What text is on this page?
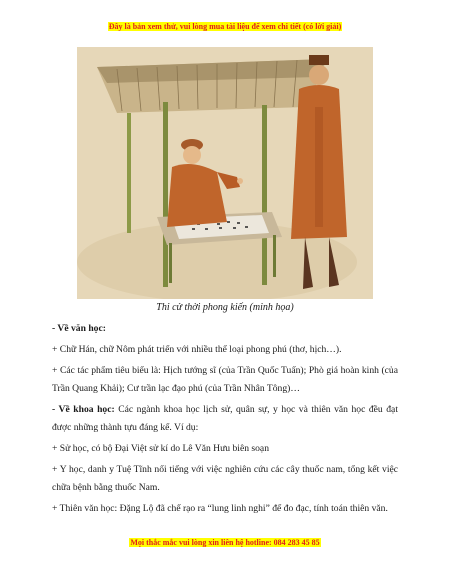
Đây là bản xem thử, vui lòng mua tài liệu để xem chi tiết (có lời giải)
Thi cử thời phong kiến (minh họa)

- Về văn học:

+ Chữ Hán, chữ Nôm phát triển với nhiều thể loại phong phú (thơ, hịch…).

+ Các tác phẩm tiêu biểu là: Hịch tướng sĩ (của Trần Quốc Tuấn); Phò giá hoàn kinh (của Trần Quang Khải); Cư trần lạc đạo phú (của Trần Nhân Tông)…

- Về khoa học: Các ngành khoa học lịch sử, quân sự, y học và thiên văn học đều đạt được những thành tựu đáng kể. Ví dụ:

+ Sử học, có bộ Đại Việt sử kí do Lê Văn Hưu biên soạn

+ Y học, danh y Tuệ Tĩnh nổi tiếng với việc nghiên cứu các cây thuốc nam, tổng kết việc chữa bệnh bằng thuốc Nam.

+ Thiên văn học: Đặng Lộ đã chế rạo ra “lung linh nghi” để đo đạc, tính toán thiên văn.

Mọi thắc mắc vui lòng xin liên hệ hotline: 084 283 45 85
